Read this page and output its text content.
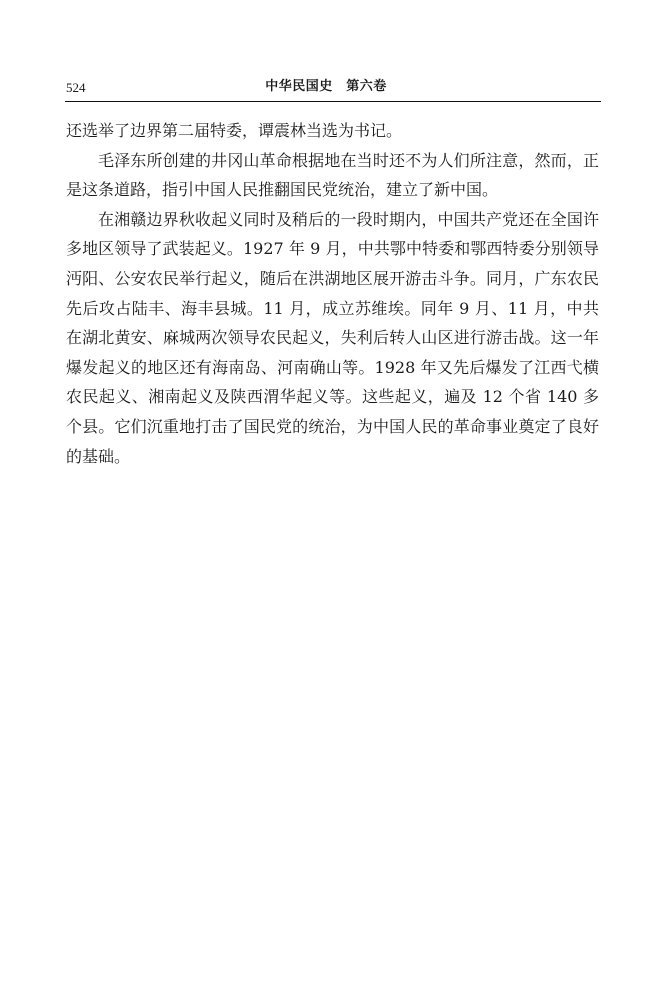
524	中华民国史　第六卷

还选举了边界第二届特委，谭震林当选为书记。

毛泽东所创建的井冈山革命根据地在当时还不为人们所注意，然而，正是这条道路，指引中国人民推翻国民党统治，建立了新中国。

在湘赣边界秋收起义同时及稍后的一段时期内，中国共产党还在全国许多地区领导了武装起义。1927 年 9 月，中共鄂中特委和鄂西特委分别领导沔阳、公安农民举行起义，随后在洪湖地区展开游击斗争。同月，广东农民先后攻占陆丰、海丰县城。11 月，成立苏维埃。同年 9 月、11 月，中共在湖北黄安、麻城两次领导农民起义，失利后转人山区进行游击战。这一年爆发起义的地区还有海南岛、河南确山等。1928 年又先后爆发了江西弋横农民起义、湘南起义及陕西渭华起义等。这些起义，遍及 12 个省 140 多个县。它们沉重地打击了国民党的统治，为中国人民的革命事业奠定了良好的基础。
